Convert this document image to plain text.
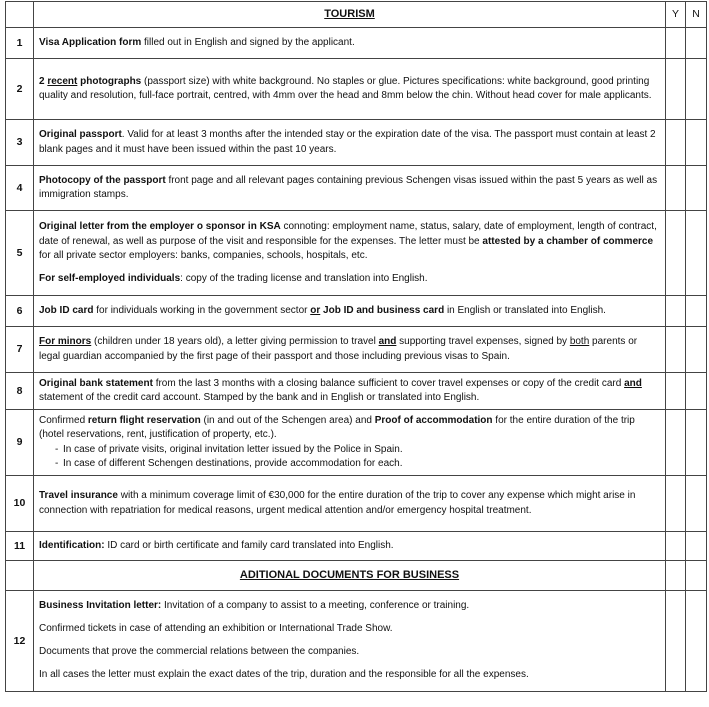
	TOURISM	Y	N
1	Visa Application form filled out in English and signed by the applicant.		

2	2 recent photographs (passport size) with white background. No staples or glue. Pictures specifications: white background, good printing quality and resolution, full-face portrait, centred, with 4mm over the head and 8mm below the chin. Without head cover for male applicants.		

3	Original passport. Valid for at least 3 months after the intended stay or the expiration date of the visa. The passport must contain at least 2 blank pages and it must have been issued within the past 10 years.		

4	Photocopy of the passport front page and all relevant pages containing previous Schengen visas issued within the past 5 years as well as immigration stamps.		

5	Original letter from the employer o sponsor in KSA connoting: employment name, status, salary, date of employment, length of contract, date of renewal, as well as purpose of the visit and responsible for the expenses. The letter must be attested by a chamber of commerce for all private sector employers: banks, companies, schools, hospitals, etc.

For self-employed individuals: copy of the trading license and translation into English.		

6	Job ID card for individuals working in the government sector or Job ID and business card in English or translated into English.		

7	For minors (children under 18 years old), a letter giving permission to travel and supporting travel expenses, signed by both parents or legal guardian accompanied by the first page of their passport and those including previous visas to Spain.		

8	Original bank statement from the last 3 months with a closing balance sufficient to cover travel expenses or copy of the credit card and statement of the credit card account. Stamped by the bank and in English or translated into English.		

9	Confirmed return flight reservation (in and out of the Schengen area) and Proof of accommodation for the entire duration of the trip (hotel reservations, rent, justification of property, etc.).

- In case of private visits, original invitation letter issued by the Police in Spain.
- In case of different Schengen destinations, provide accommodation for each.

10	Travel insurance with a minimum coverage limit of €30,000 for the entire duration of the trip to cover any expense which might arise in connection with repatriation for medical reasons, urgent medical attention and/or emergency hospital treatment.		

11	Identification: ID card or birth certificate and family card translated into English.		

	ADITIONAL DOCUMENTS FOR BUSINESS		
12	Business Invitation letter: Invitation of a company to assist to a meeting, conference or training.

Confirmed tickets in case of attending an exhibition or International Trade Show.

Documents that prove the commercial relations between the companies.

In all cases the letter must explain the exact dates of the trip, duration and the responsible for all the expenses.		
